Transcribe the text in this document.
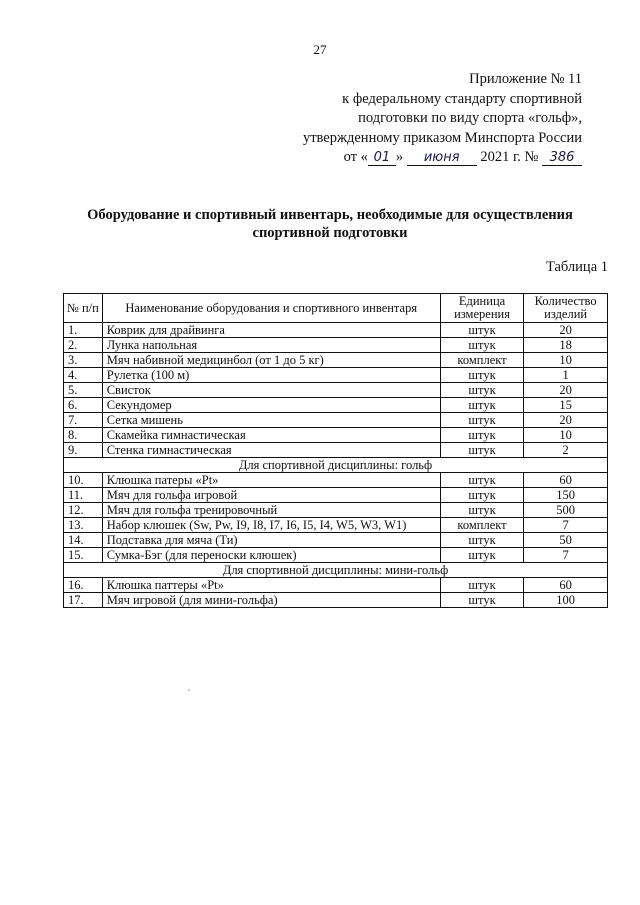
27
Приложение № 11
к федеральному стандарту спортивной
подготовки по виду спорта «гольф»,
утвержденному приказом Минспорта России
от « 01 » июня 2021 г. № 386
Оборудование и спортивный инвентарь, необходимые для осуществления
спортивной подготовки
Таблица 1
№ п/п	Наименование оборудования и спортивного инвентаря	Единица измерения	Количество изделий
1.	Коврик для драйвинга	штук	20
2.	Лунка напольная	штук	18
3.	Мяч набивной медицинбол (от 1 до 5 кг)	комплект	10
4.	Рулетка (100 м)	штук	1
5.	Свисток	штук	20
6.	Секундомер	штук	15
7.	Сетка мишень	штук	20
8.	Скамейка гимнастическая	штук	10
9.	Стенка гимнастическая	штук	2
Для спортивной дисциплины: гольф			
10.	Клюшка патеры «Pt»	штук	60
11.	Мяч для гольфа игровой	штук	150
12.	Мяч для гольфа тренировочный	штук	500
13.	Набор клюшек (Sw, Pw, I9, I8, I7, I6, I5, I4, W5, W3, W1)	комплект	7
14.	Подставка для мяча (Ти)	штук	50
15.	Сумка-Бэг (для переноски клюшек)	штук	7
Для спортивной дисциплины: мини-гольф			
16.	Клюшка паттеры «Pt»	штук	60
17.	Мяч игровой (для мини-гольфа)	штук	100
